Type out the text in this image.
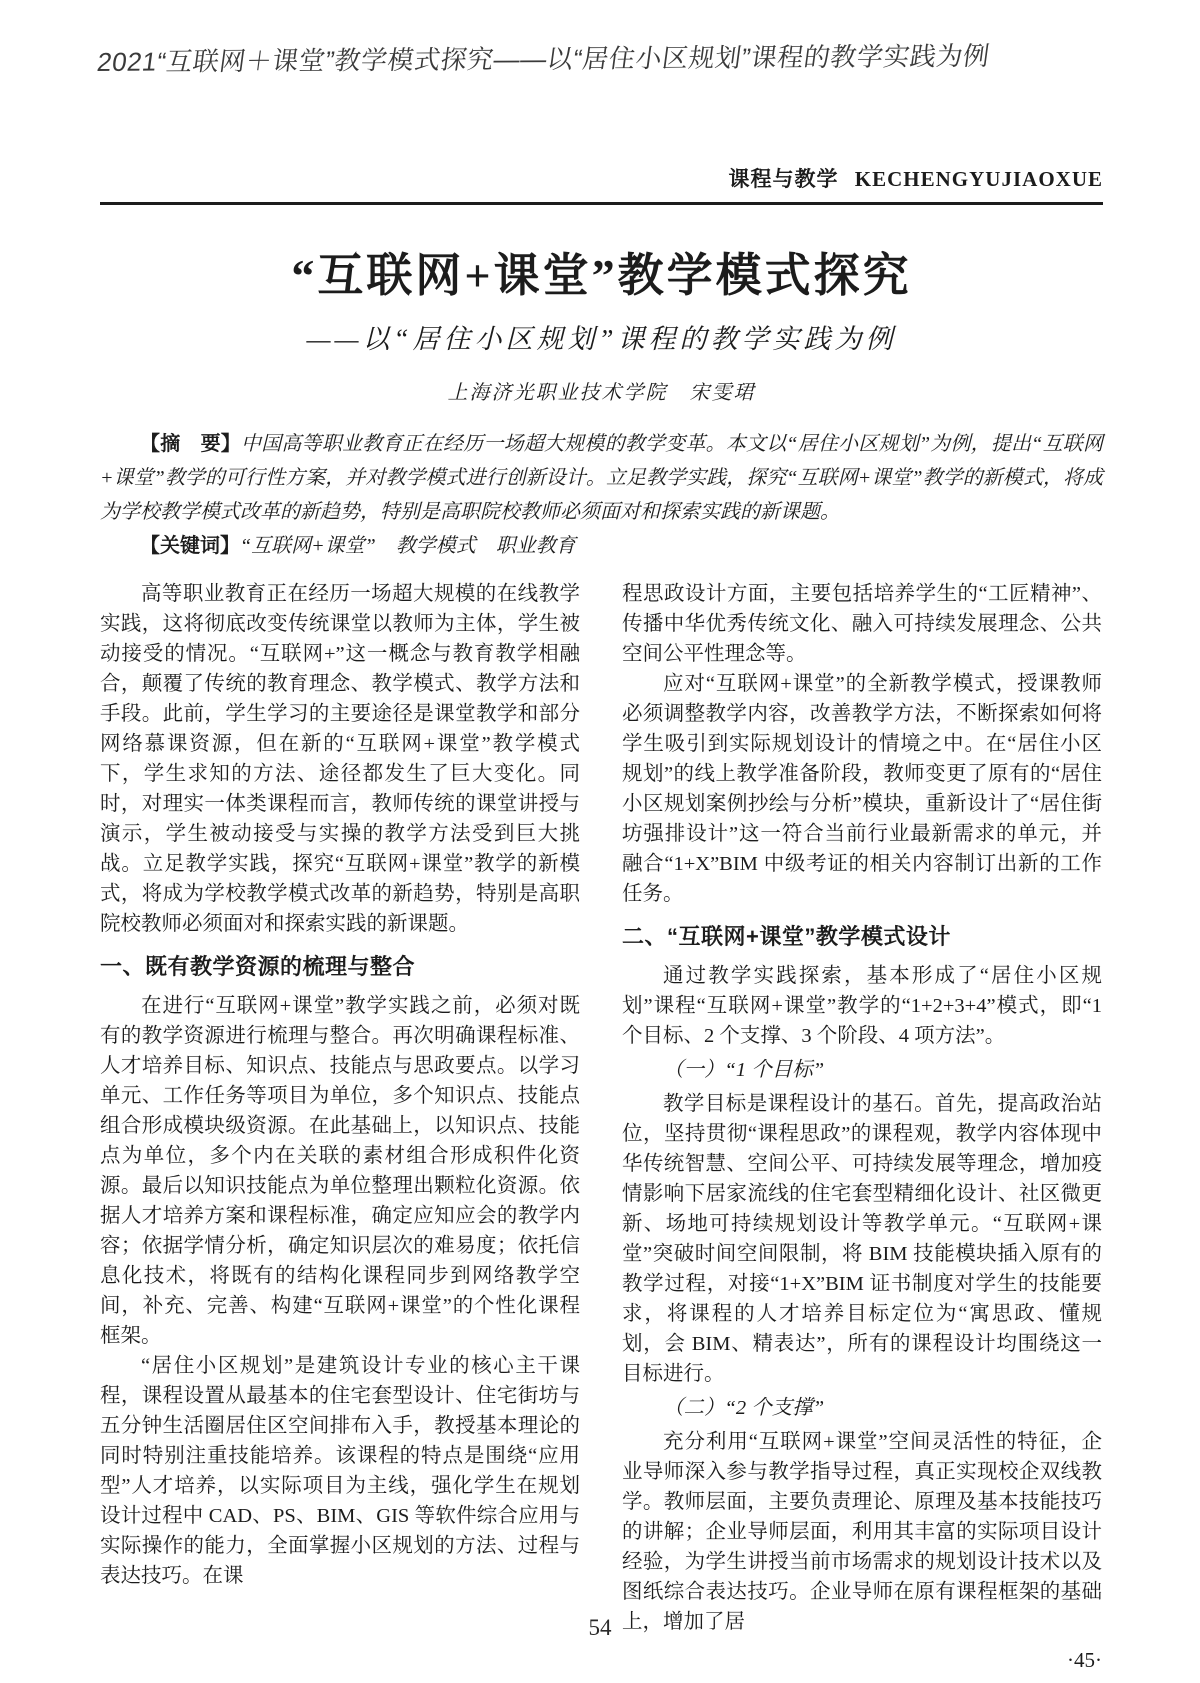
2021“互联网＋课堂”教学模式探究——以“居住小区规划”课程的教学实践为例
课程与教学 KECHENGYUJIAOXUE
“互联网+课堂”教学模式探究
——以“居住小区规划”课程的教学实践为例
上海济光职业技术学院　宋雯珺

【摘　要】中国高等职业教育正在经历一场超大规模的教学变革。本文以“居住小区规划”为例，提出“互联网+课堂”教学的可行性方案，并对教学模式进行创新设计。立足教学实践，探究“互联网+课堂”教学的新模式，将成为学校教学模式改革的新趋势，特别是高职院校教师必须面对和探索实践的新课题。

【关键词】“互联网+课堂”　教学模式　职业教育

高等职业教育正在经历一场超大规模的在线教学实践，这将彻底改变传统课堂以教师为主体，学生被动接受的情况。“互联网+”这一概念与教育教学相融合，颠覆了传统的教育理念、教学模式、教学方法和手段。此前，学生学习的主要途径是课堂教学和部分网络慕课资源，但在新的“互联网+课堂”教学模式下，学生求知的方法、途径都发生了巨大变化。同时，对理实一体类课程而言，教师传统的课堂讲授与演示，学生被动接受与实操的教学方法受到巨大挑战。立足教学实践，探究“互联网+课堂”教学的新模式，将成为学校教学模式改革的新趋势，特别是高职院校教师必须面对和探索实践的新课题。

一、既有教学资源的梳理与整合

在进行“互联网+课堂”教学实践之前，必须对既有的教学资源进行梳理与整合。再次明确课程标准、人才培养目标、知识点、技能点与思政要点。以学习单元、工作任务等项目为单位，多个知识点、技能点组合形成模块级资源。在此基础上，以知识点、技能点为单位，多个内在关联的素材组合形成积件化资源。最后以知识技能点为单位整理出颗粒化资源。依据人才培养方案和课程标准，确定应知应会的教学内容；依据学情分析，确定知识层次的难易度；依托信息化技术，将既有的结构化课程同步到网络教学空间，补充、完善、构建“互联网+课堂”的个性化课程框架。

“居住小区规划”是建筑设计专业的核心主干课程，课程设置从最基本的住宅套型设计、住宅街坊与五分钟生活圈居住区空间排布入手，教授基本理论的同时特别注重技能培养。该课程的特点是围绕“应用型”人才培养，以实际项目为主线，强化学生在规划设计过程中 CAD、PS、BIM、GIS 等软件综合应用与实际操作的能力，全面掌握小区规划的方法、过程与表达技巧。在课

程思政设计方面，主要包括培养学生的“工匠精神”、传播中华优秀传统文化、融入可持续发展理念、公共空间公平性理念等。

应对“互联网+课堂”的全新教学模式，授课教师必须调整教学内容，改善教学方法，不断探索如何将学生吸引到实际规划设计的情境之中。在“居住小区规划”的线上教学准备阶段，教师变更了原有的“居住小区规划案例抄绘与分析”模块，重新设计了“居住街坊强排设计”这一符合当前行业最新需求的单元，并融合“1+X”BIM 中级考证的相关内容制订出新的工作任务。

二、“互联网+课堂”教学模式设计

通过教学实践探索，基本形成了“居住小区规划”课程“互联网+课堂”教学的“1+2+3+4”模式，即“1 个目标、2 个支撑、3 个阶段、4 项方法”。

（一）“1 个目标”

教学目标是课程设计的基石。首先，提高政治站位，坚持贯彻“课程思政”的课程观，教学内容体现中华传统智慧、空间公平、可持续发展等理念，增加疫情影响下居家流线的住宅套型精细化设计、社区微更新、场地可持续规划设计等教学单元。“互联网+课堂”突破时间空间限制，将 BIM 技能模块插入原有的教学过程，对接“1+X”BIM 证书制度对学生的技能要求，将课程的人才培养目标定位为“寓思政、懂规划，会 BIM、精表达”，所有的课程设计均围绕这一目标进行。

（二）“2 个支撑”

充分利用“互联网+课堂”空间灵活性的特征，企业导师深入参与教学指导过程，真正实现校企双线教学。教师层面，主要负责理论、原理及基本技能技巧的讲解；企业导师层面，利用其丰富的实际项目设计经验，为学生讲授当前市场需求的规划设计技术以及图纸综合表达技巧。企业导师在原有课程框架的基础上，增加了居

·45·
54
